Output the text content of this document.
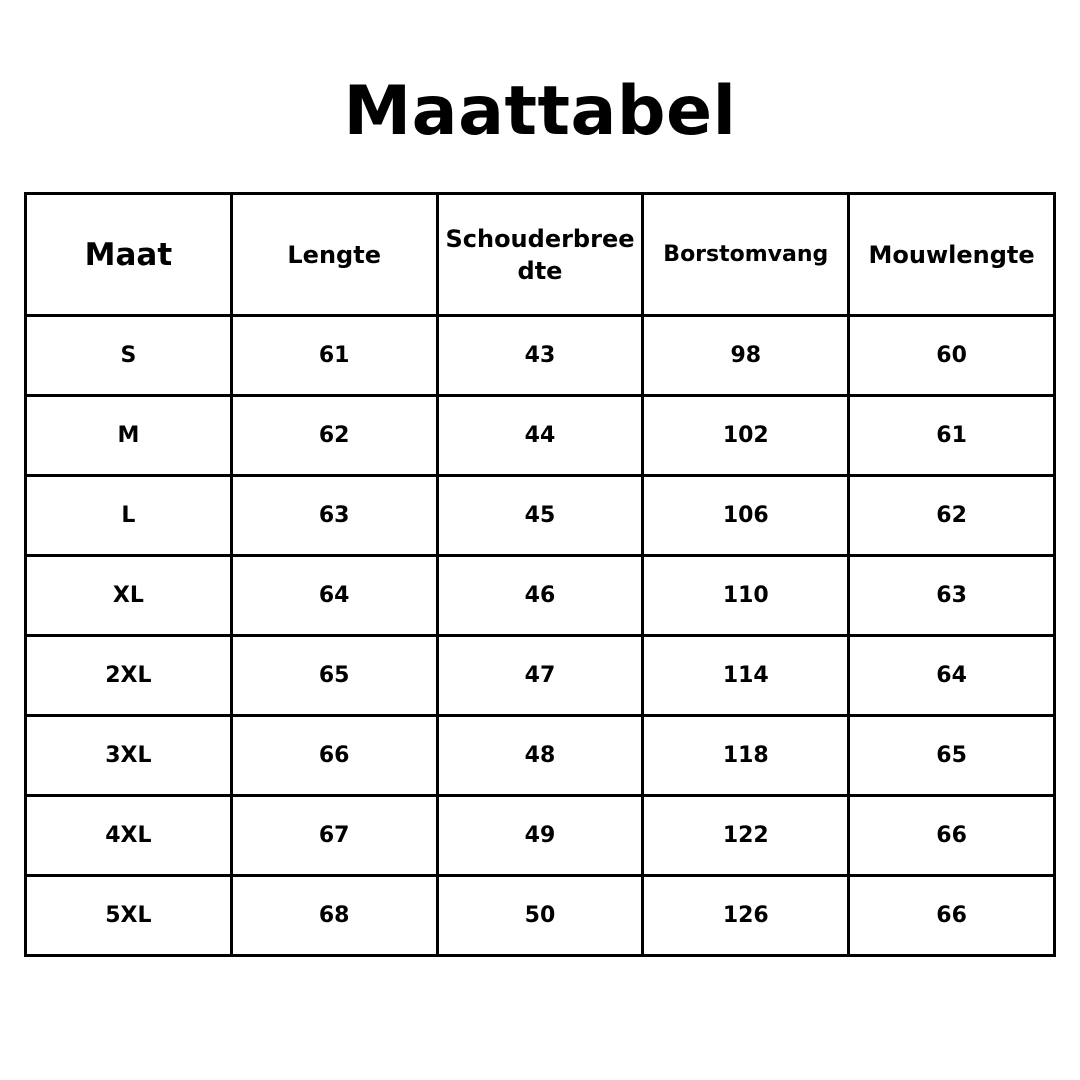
Maattabel
Maat	Lengte	Schouderbreedte	Borstomvang	Mouwlengte
S	61	43	98	60
M	62	44	102	61
L	63	45	106	62
XL	64	46	110	63
2XL	65	47	114	64
3XL	66	48	118	65
4XL	67	49	122	66
5XL	68	50	126	66
